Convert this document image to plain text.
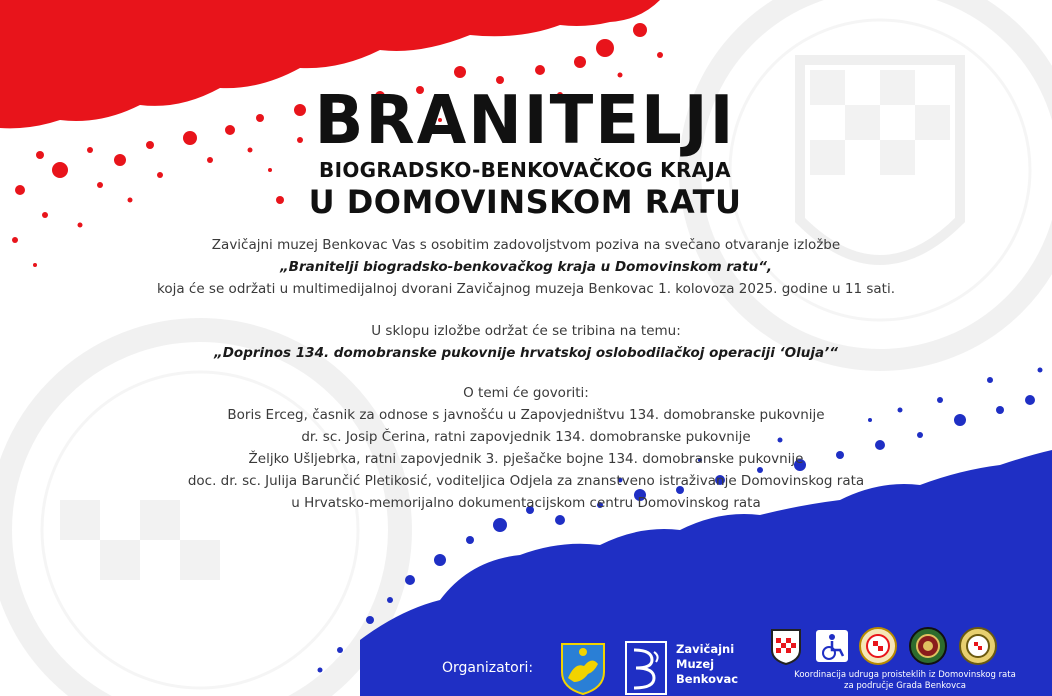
BRANITELJI
BIOGRADSKO-BENKOVAČKOG KRAJA
U DOMOVINSKOM RATU
Zavičajni muzej Benkovac Vas s osobitim zadovoljstvom poziva na svečano otvaranje izložbe
„Branitelji biogradsko-benkovačkog kraja u Domovinskom ratu“,
koja će se održati u multimedijalnoj dvorani Zavičajnog muzeja Benkovac 1. kolovoza 2025. godine u 11 sati.
U sklopu izložbe održat će se tribina na temu:
„Doprinos 134. domobranske pukovnije hrvatskoj oslobodilačkoj operaciji ‘Oluja’“
O temi će govoriti:
Boris Erceg, časnik za odnose s javnošću u Zapovjedništvu 134. domobranske pukovnije
dr. sc. Josip Čerina, ratni zapovjednik 134. domobranske pukovnije
Željko Ušljebrka, ratni zapovjednik 3. pješačke bojne 134. domobranske pukovnije
doc. dr. sc. Julija Barunčić Pletikosić, voditeljica Odjela za znanstveno istraživanje Domovinskog rata
u Hrvatsko-memorijalno dokumentacijskom centru Domovinskog rata
Organizatori:
Zavičajni
Muzej
Benkovac	Koordinacija udruga proisteklih iz Domovinskog rata
za područje Grada Benkovca
